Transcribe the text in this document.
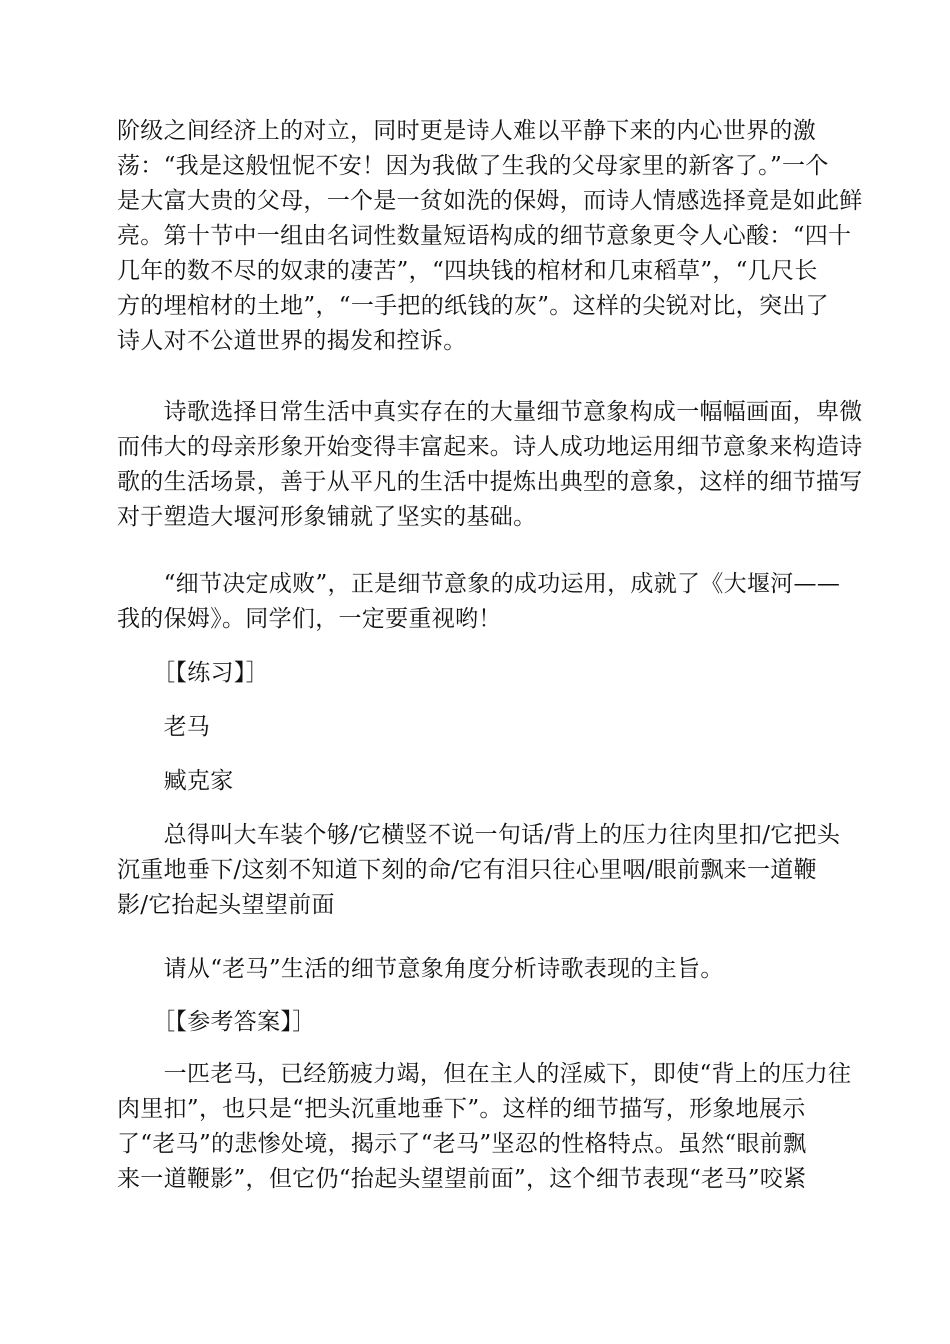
阶级之间经济上的对立，同时更是诗人难以平静下来的内心世界的激
荡：“我是这般忸怩不安！因为我做了生我的父母家里的新客了。”一个
是大富大贵的父母，一个是一贫如洗的保姆，而诗人情感选择竟是如此鲜
亮。第十节中一组由名词性数量短语构成的细节意象更令人心酸：“四十
几年的数不尽的奴隶的凄苦”，“四块钱的棺材和几束稻草”，“几尺长
方的埋棺材的土地”，“一手把的纸钱的灰”。这样的尖锐对比，突出了
诗人对不公道世界的揭发和控诉。

　　诗歌选择日常生活中真实存在的大量细节意象构成一幅幅画面，卑微
而伟大的母亲形象开始变得丰富起来。诗人成功地运用细节意象来构造诗
歌的生活场景，善于从平凡的生活中提炼出典型的意象，这样的细节描写
对于塑造大堰河形象铺就了坚实的基础。

　　“细节决定成败”，正是细节意象的成功运用，成就了《大堰河——
我的保姆》。同学们，一定要重视哟！

　　［【练习】］

　　老马

　　臧克家

　　总得叫大车装个够/它横竖不说一句话/背上的压力往肉里扣/它把头
沉重地垂下/这刻不知道下刻的命/它有泪只往心里咽/眼前飘来一道鞭
影/它抬起头望望前面

　　请从“老马”生活的细节意象角度分析诗歌表现的主旨。

　　［【参考答案】］

　　一匹老马，已经筋疲力竭，但在主人的淫威下，即使“背上的压力往
肉里扣”，也只是“把头沉重地垂下”。这样的细节描写，形象地展示
了“老马”的悲惨处境，揭示了“老马”坚忍的性格特点。虽然“眼前飘
来一道鞭影”，但它仍“抬起头望望前面”，这个细节表现“老马”咬紧
